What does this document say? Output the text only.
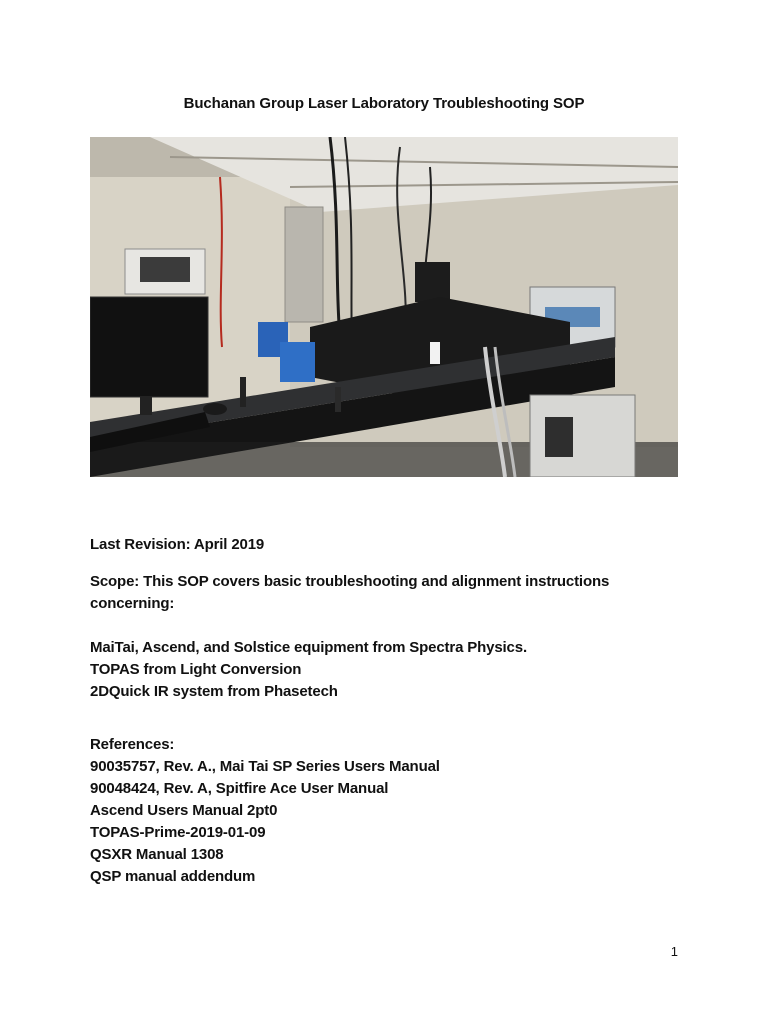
Buchanan Group Laser Laboratory Troubleshooting SOP
Last Revision: April 2019
Scope: This SOP covers basic troubleshooting and alignment instructions
concerning:
MaiTai, Ascend, and Solstice equipment from Spectra Physics.
TOPAS from Light Conversion
2DQuick IR system from Phasetech
References:
90035757, Rev. A., Mai Tai SP Series Users Manual
90048424, Rev. A, Spitfire Ace User Manual
Ascend Users Manual 2pt0
TOPAS-Prime-2019-01-09
QSXR Manual 1308
QSP manual addendum
1
